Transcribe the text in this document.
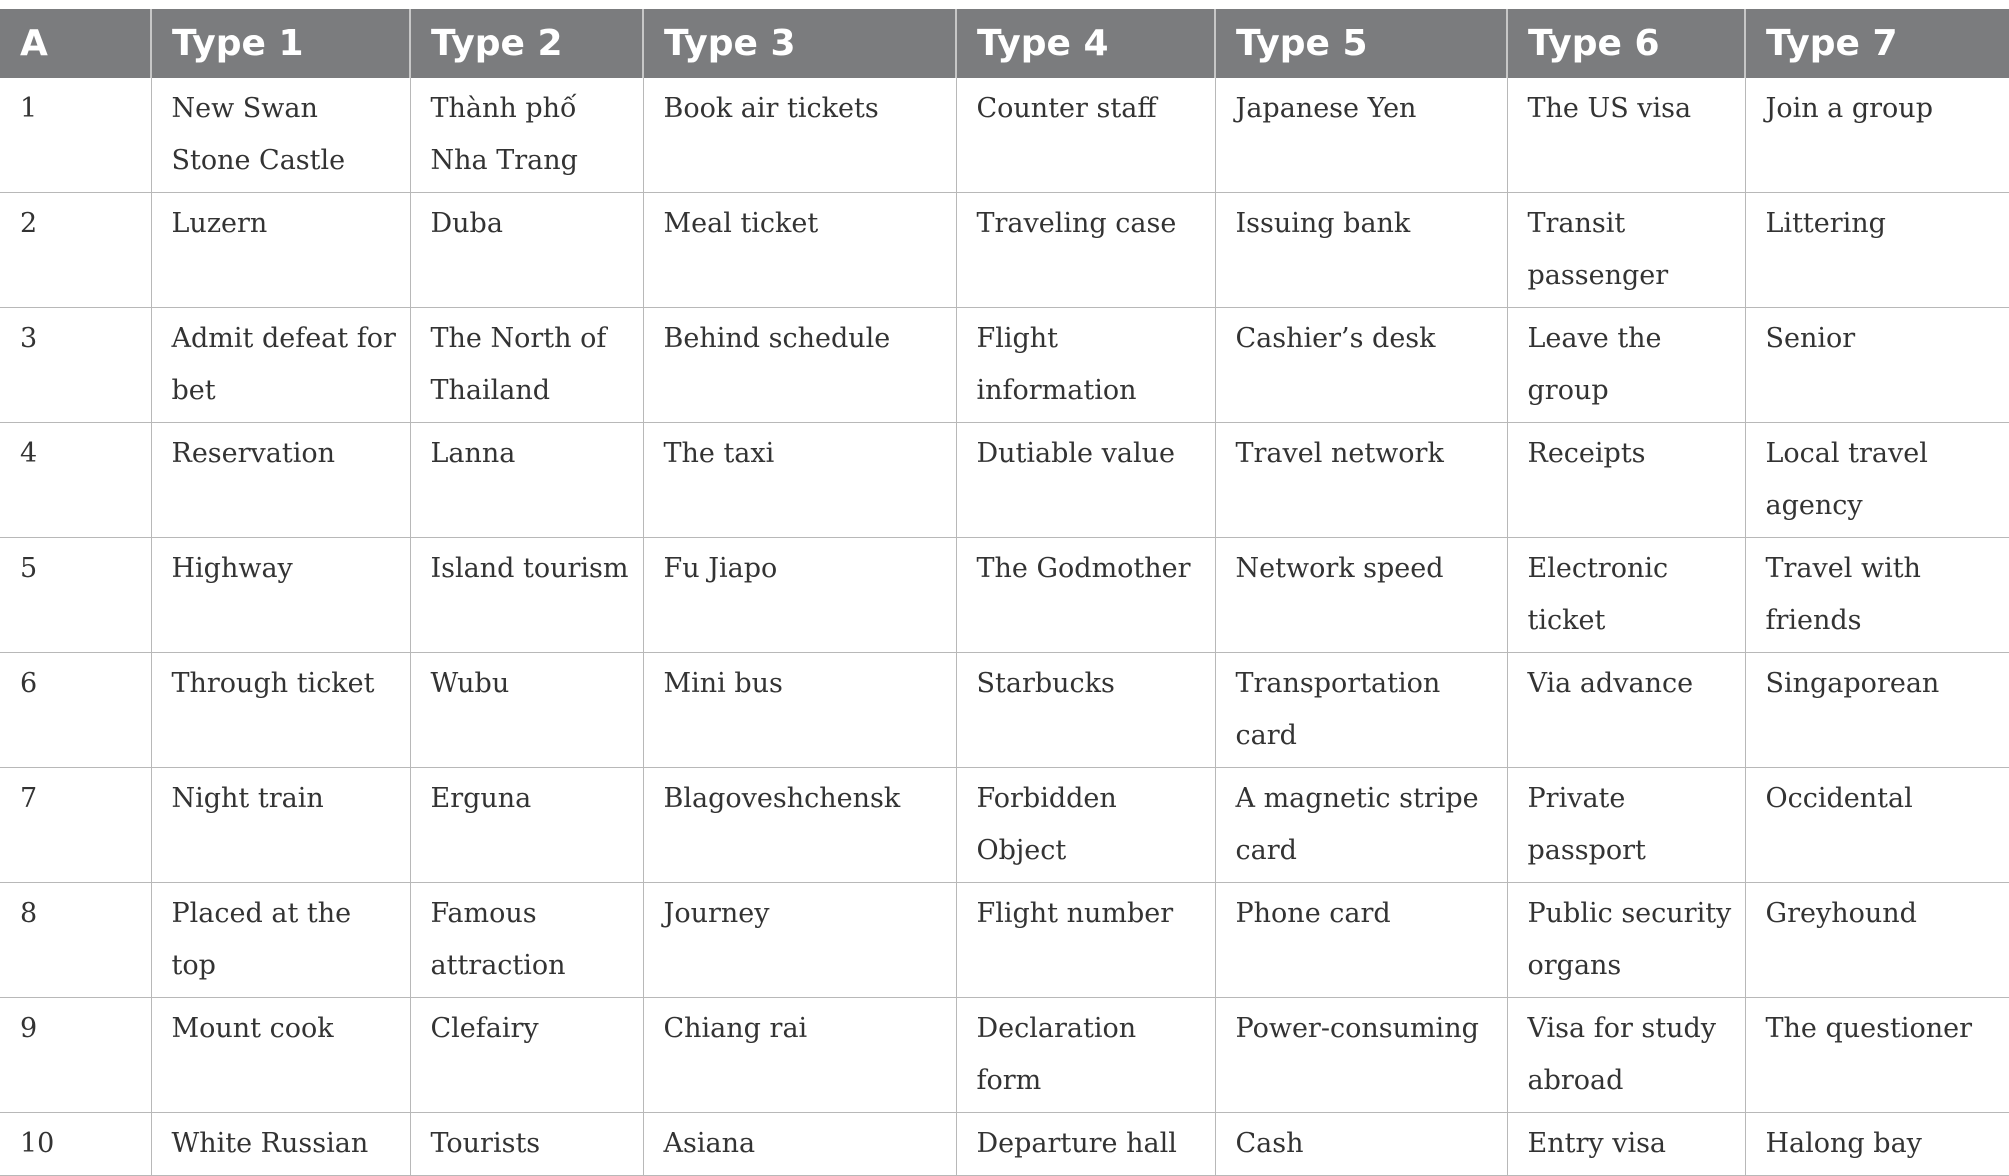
A	Type 1	Type 2	Type 3	Type 4	Type 5	Type 6	Type 7
1	New Swan Stone Castle	Thành phố Nha Trang	Book air tickets	Counter staff	Japanese Yen	The US visa	Join a group
2	Luzern	Duba	Meal ticket	Traveling case	Issuing bank	Transit passenger	Littering
3	Admit defeat for bet	The North of Thailand	Behind schedule	Flight information	Cashier’s desk	Leave the group	Senior
4	Reservation	Lanna	The taxi	Dutiable value	Travel network	Receipts	Local travel agency
5	Highway	Island tourism	Fu Jiapo	The Godmother	Network speed	Electronic ticket	Travel with friends
6	Through ticket	Wubu	Mini bus	Starbucks	Transportation card	Via advance	Singaporean
7	Night train	Erguna	Blagoveshchensk	Forbidden Object	A magnetic stripe card	Private passport	Occidental
8	Placed at the top	Famous attraction	Journey	Flight number	Phone card	Public security organs	Greyhound
9	Mount cook	Clefairy	Chiang rai	Declaration form	Power-consuming	Visa for study abroad	The questioner
10	White Russian	Tourists	Asiana	Departure hall	Cash	Entry visa	Halong bay
